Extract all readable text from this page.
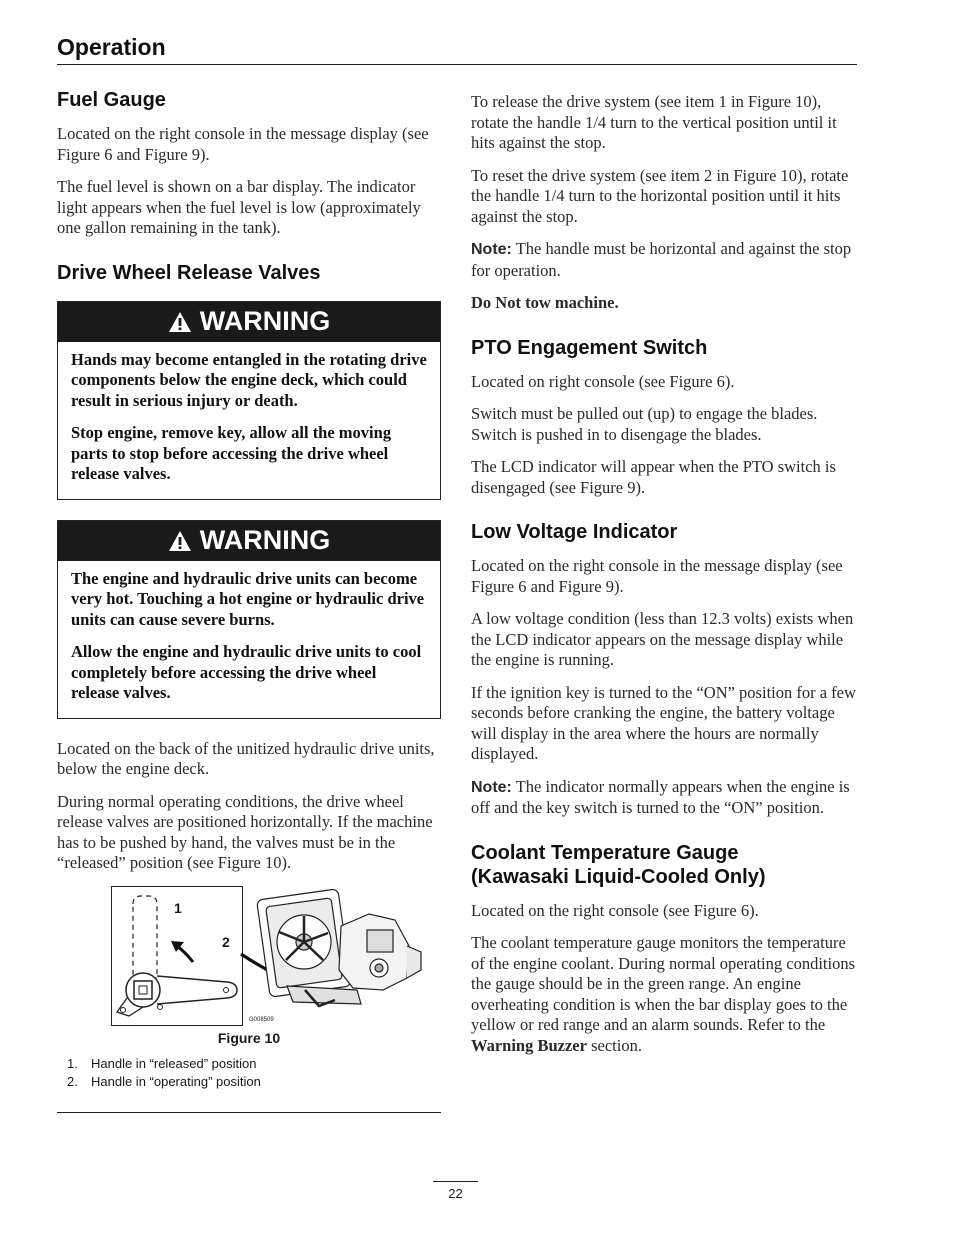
Operation
Fuel Gauge

Located on the right console in the message display (see Figure 6 and Figure 9).

The fuel level is shown on a bar display. The indicator light appears when the fuel level is low (approximately one gallon remaining in the tank).

Drive Wheel Release Valves
WARNING

Hands may become entangled in the rotating drive components below the engine deck, which could result in serious injury or death.

Stop engine, remove key, allow all the moving parts to stop before accessing the drive wheel release valves.

WARNING

The engine and hydraulic drive units can become very hot. Touching a hot engine or hydraulic drive units can cause severe burns.

Allow the engine and hydraulic drive units to cool completely before accessing the drive wheel release valves.

Located on the back of the unitized hydraulic drive units, below the engine deck.

During normal operating conditions, the drive wheel release valves are positioned horizontally. If the machine has to be pushed by hand, the valves must be in the “released” position (see Figure 10).

1
2
G008509
Figure 10
1. Handle in “released” position
2. Handle in “operating” position

To release the drive system (see item 1 in Figure 10), rotate the handle 1/4 turn to the vertical position until it hits against the stop.

To reset the drive system (see item 2 in Figure 10), rotate the handle 1/4 turn to the horizontal position until it hits against the stop.

Note: The handle must be horizontal and against the stop for operation.

Do Not tow machine.

PTO Engagement Switch

Located on right console (see Figure 6).

Switch must be pulled out (up) to engage the blades. Switch is pushed in to disengage the blades.

The LCD indicator will appear when the PTO switch is disengaged (see Figure 9).

Low Voltage Indicator

Located on the right console in the message display (see Figure 6 and Figure 9).

A low voltage condition (less than 12.3 volts) exists when the LCD indicator appears on the message display while the engine is running.

If the ignition key is turned to the “ON” position for a few seconds before cranking the engine, the battery voltage will display in the area where the hours are normally displayed.

Note: The indicator normally appears when the engine is off and the key switch is turned to the “ON” position.

Coolant Temperature Gauge
(Kawasaki Liquid-Cooled Only)

Located on the right console (see Figure 6).

The coolant temperature gauge monitors the temperature of the engine coolant. During normal operating conditions the gauge should be in the green range. An engine overheating condition is when the bar display goes to the yellow or red range and an alarm sounds. Refer to the Warning Buzzer section.

22
